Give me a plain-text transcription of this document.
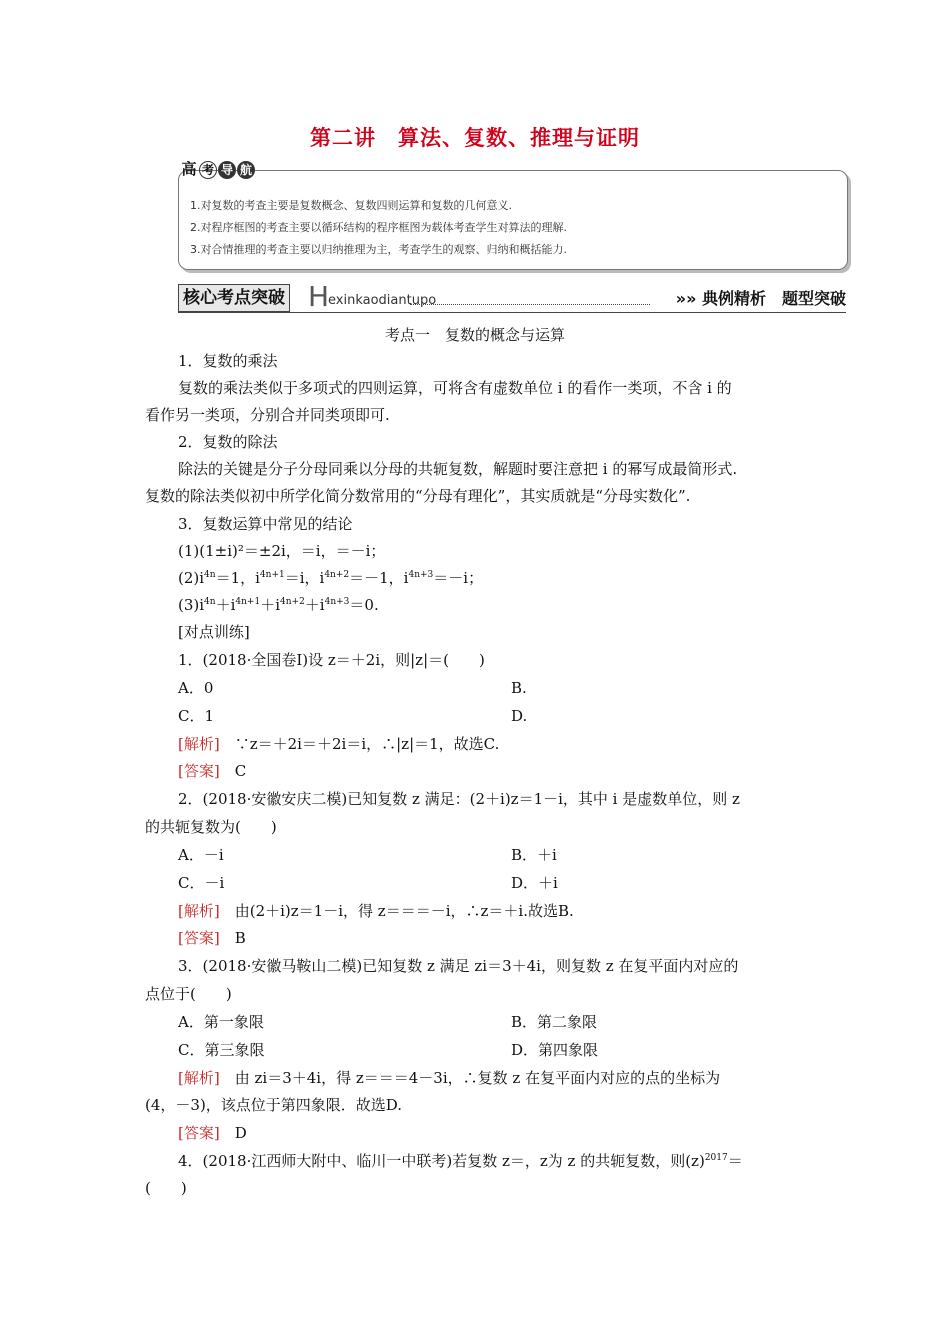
第二讲　算法、复数、推理与证明
高 考 导 航
1.对复数的考查主要是复数概念、复数四则运算和复数的几何意义.
2.对程序框图的考查主要以循环结构的程序框图为载体考查学生对算法的理解.
3.对合情推理的考查主要以归纳推理为主，考查学生的观察、归纳和概括能力.
核心考点突破 H
exinkaodiantupo	»» 典例精析　题型突破
考点一　复数的概念与运算
1．复数的乘法
复数的乘法类似于多项式的四则运算，可将含有虚数单位 i 的看作一类项，不含 i 的
看作另一类项，分别合并同类项即可.
2．复数的除法
除法的关键是分子分母同乘以分母的共轭复数，解题时要注意把 i 的幂写成最简形式.
复数的除法类似初中所学化简分数常用的“分母有理化”，其实质就是“分母实数化”.
3．复数运算中常见的结论
(1)(1±i)²＝±2i，＝i，＝－i；
$(2)i^{4n}=1$，$i^{4n+1}=i$，$i^{4n+2}=-1$，$i^{4n+3}=-i$；
$(3)i^{4n}+i^{4n+1}+i^{4n+2}+i^{4n+3}=0$.
[对点训练]
1．(2018·全国卷Ⅰ)设 z＝＋2i，则|z|＝(　　)
A．0	B.
C．1	D.
[解析]　 ∵z＝＋2i＝＋2i＝i，∴|z|＝1，故选C.
[答案]　 C
2．(2018·安徽安庆二模)已知复数 z 满足：(2＋i)z＝1－i，其中 i 是虚数单位，则 z
的共轭复数为(　　)
A．－i	B．＋i
C．－i	D．＋i
[解析]　 由(2＋i)z＝1－i，得 z＝＝＝－i，∴z＝＋i.故选B.
[答案]　 B
3．(2018·安徽马鞍山二模)已知复数 z 满足 zi＝3＋4i，则复数 z 在复平面内对应的
点位于(　　)
A．第一象限	B．第二象限
C．第三象限	D．第四象限
[解析]　 由 zi＝3＋4i，得 z＝＝＝4－3i，∴复数 z 在复平面内对应的点的坐标为
(4，－3)，该点位于第四象限．故选D.
[答案]　 D
4．(2018·江西师大附中、临川一中联考)若复数 z＝，z为 z 的共轭复数，则$(z)^{2017}=$
(　　)
